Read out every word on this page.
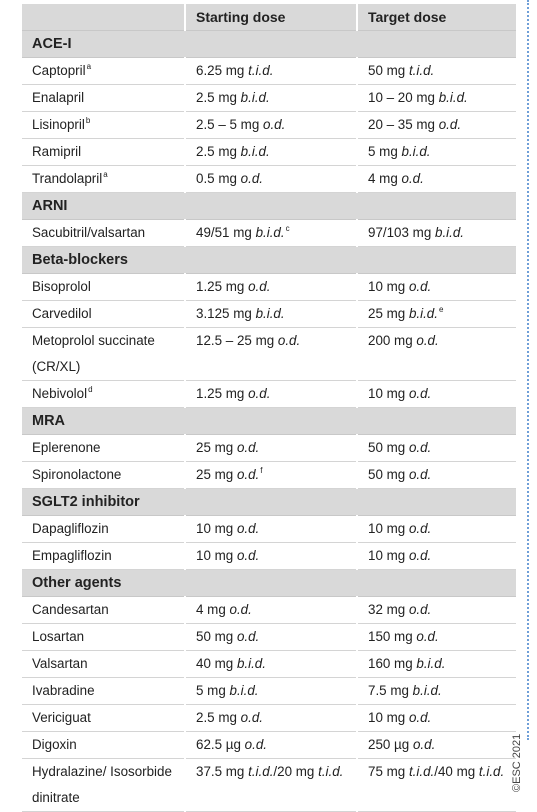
	Starting dose	Target dose
ACE-I		
Captopril$^a$	6.25 mg t.i.d.	50 mg t.i.d.
Enalapril	2.5 mg b.i.d.	10 – 20 mg b.i.d.
Lisinopril$^b$	2.5 – 5 mg o.d.	20 – 35 mg o.d.
Ramipril	2.5 mg b.i.d.	5 mg b.i.d.
Trandolapril$^a$	0.5 mg o.d.	4 mg o.d.
ARNI		
Sacubitril/valsartan	49/51 mg b.i.d.$^c$	97/103 mg b.i.d.
Beta-blockers		
Bisoprolol	1.25 mg o.d.	10 mg o.d.
Carvedilol	3.125 mg b.i.d.	25 mg b.i.d.$^e$
Metoprolol succinate (CR/XL)	12.5 – 25 mg o.d.	200 mg o.d.
Nebivolol$^d$	1.25 mg o.d.	10 mg o.d.
MRA		
Eplerenone	25 mg o.d.	50 mg o.d.
Spironolactone	25 mg o.d.$^f$	50 mg o.d.
SGLT2 inhibitor		
Dapagliflozin	10 mg o.d.	10 mg o.d.
Empagliflozin	10 mg o.d.	10 mg o.d.
Other agents		
Candesartan	4 mg o.d.	32 mg o.d.
Losartan	50 mg o.d.	150 mg o.d.
Valsartan	40 mg b.i.d.	160 mg b.i.d.
Ivabradine	5 mg b.i.d.	7.5 mg b.i.d.
Vericiguat	2.5 mg o.d.	10 mg o.d.
Digoxin	62.5 µg o.d.	250 µg o.d.
Hydralazine/ Isosorbide dinitrate	37.5 mg t.i.d./20 mg t.i.d.	75 mg t.i.d./40 mg t.i.d. ©ESC 2021
